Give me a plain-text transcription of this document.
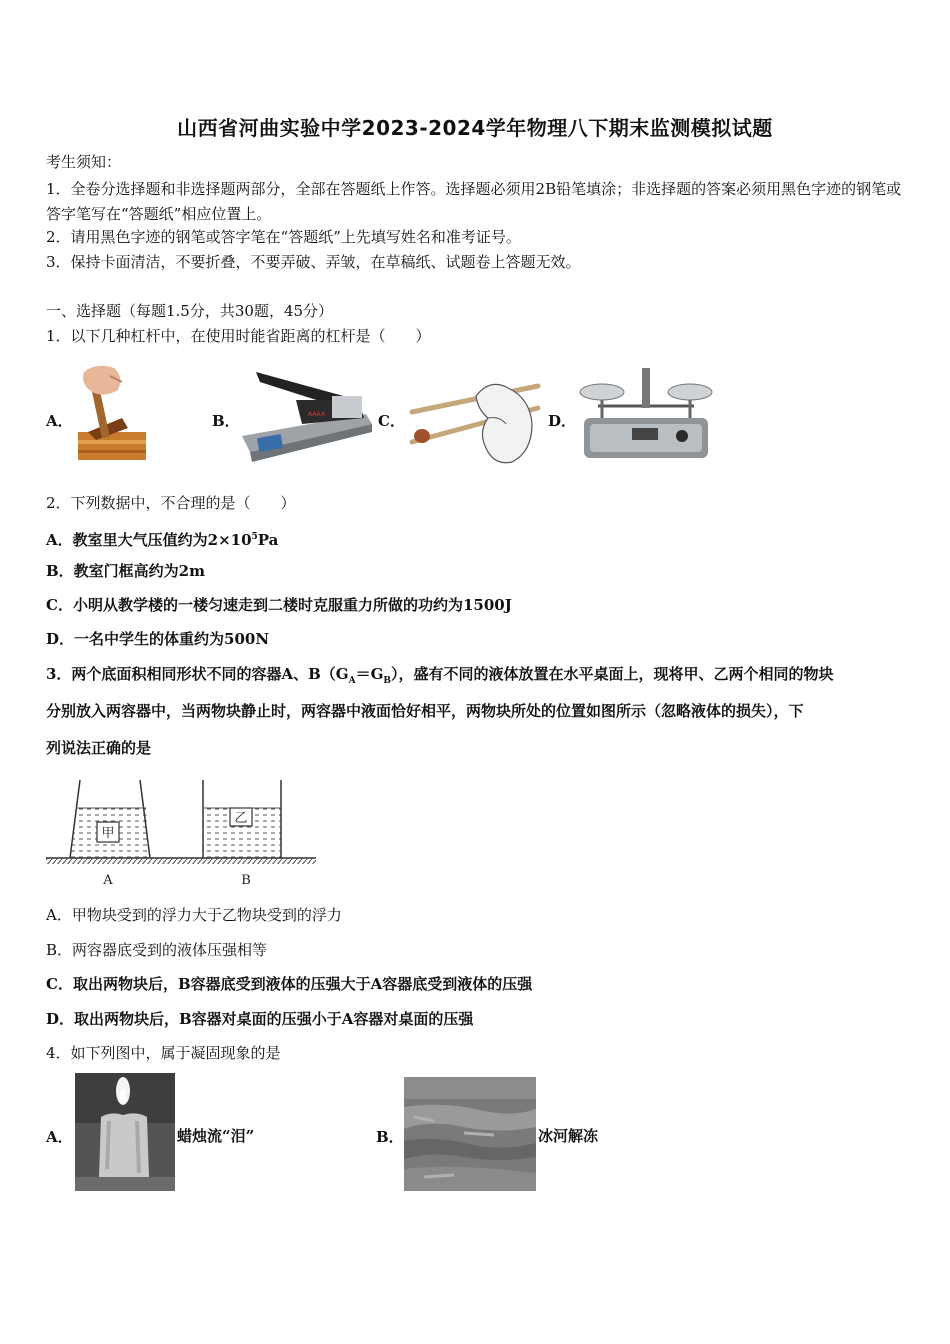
山西省河曲实验中学2023-2024学年物理八下期末监测模拟试题
考生须知：
1．全卷分选择题和非选择题两部分，全部在答题纸上作答。选择题必须用2B铅笔填涂；非选择题的答案必须用黑色字迹的钢笔或答字笔写在“答题纸”相应位置上。
2．请用黑色字迹的钢笔或答字笔在“答题纸”上先填写姓名和准考证号。
3．保持卡面清洁，不要折叠，不要弄破、弄皱，在草稿纸、试题卷上答题无效。
一、选择题（每题1.5分，共30题，45分）
1．以下几种杠杆中，在使用时能省距离的杠杆是（　　）
A．	B．	AAAA	C．	D．
2．下列数据中，不合理的是（　　）
A．教室里大气压值约为$2\times 10^5Pa$
B．教室门框高约为2m
C．小明从教学楼的一楼匀速走到二楼时克服重力所做的功约为1500J
D．一名中学生的体重约为500N
3．两个底面积相同形状不同的容器A、$B(G_A=G_B)$，盛有不同的液体放置在水平桌面上，现将甲、乙两个相同的物块
分别放入两容器中，当两物块静止时，两容器中液面恰好相平，两物块所处的位置如图所示（忽略液体的损失），下
列说法正确的是
甲
乙
A	B
A．甲物块受到的浮力大于乙物块受到的浮力
B．两容器底受到的液体压强相等
C．取出两物块后，B容器底受到液体的压强大于A容器底受到液体的压强
D．取出两物块后，B容器对桌面的压强小于A容器对桌面的压强
4．如下列图中，属于凝固现象的是
A．	蜡烛流“泪”	B．	冰河解冻
